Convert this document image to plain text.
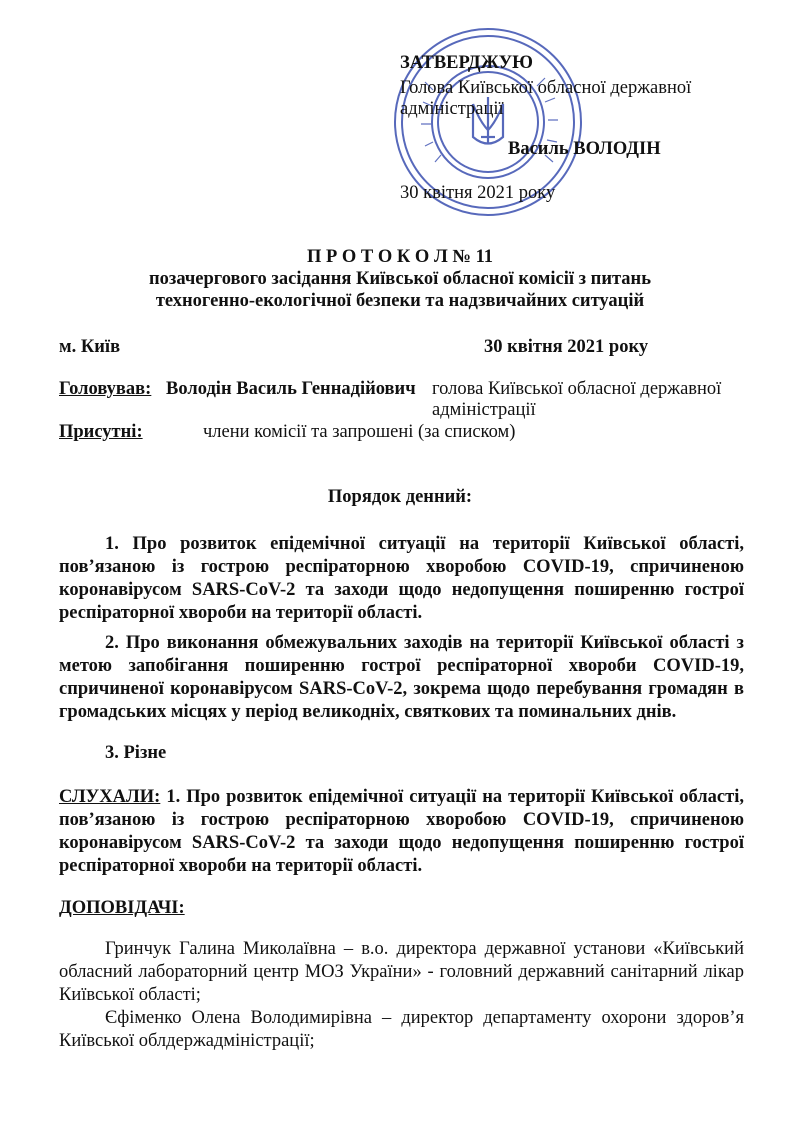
ЗАТВЕРДЖУЮ
Голова Київської обласної державної
адміністрації
Василь ВОЛОДІН
30 квітня 2021 року
П Р О Т О К О Л № 11
позачергового засідання Київської обласної комісії з питань
техногенно-екологічної безпеки та надзвичайних ситуацій
м. Київ	30 квітня 2021 року
Головував: Володін Василь Геннадійович голова Київської обласної державної
адміністрації
Присутні:	члени комісії та запрошені (за списком)
Порядок денний:
1. Про розвиток епідемічної ситуації на території Київської області,
пов’язаною із гострою респіраторною хворобою COVID-19, спричиненою
коронавірусом SARS-CoV-2 та заходи щодо недопущення поширенню гострої
респіраторної хвороби на території області.
2. Про виконання обмежувальних заходів на території Київської області з
метою запобігання поширенню гострої респіраторної хвороби COVID-19,
спричиненої коронавірусом SARS-CoV-2, зокрема щодо перебування громадян в
громадських місцях у період великодніх, святкових та поминальних днів.
3. Різне
СЛУХАЛИ: 1. Про розвиток епідемічної ситуації на території Київської області,
пов’язаною із гострою респіраторною хворобою COVID-19, спричиненою
коронавірусом SARS-CoV-2 та заходи щодо недопущення поширенню гострої
респіраторної хвороби на території області.
ДОПОВІДАЧІ:
Гринчук Галина Миколаївна – в.о. директора державної установи «Київський
обласний лабораторний центр МОЗ України» - головний державний санітарний лікар
Київської області;
Єфіменко Олена Володимирівна – директор департаменту охорони здоров’я
Київської облдержадміністрації;
